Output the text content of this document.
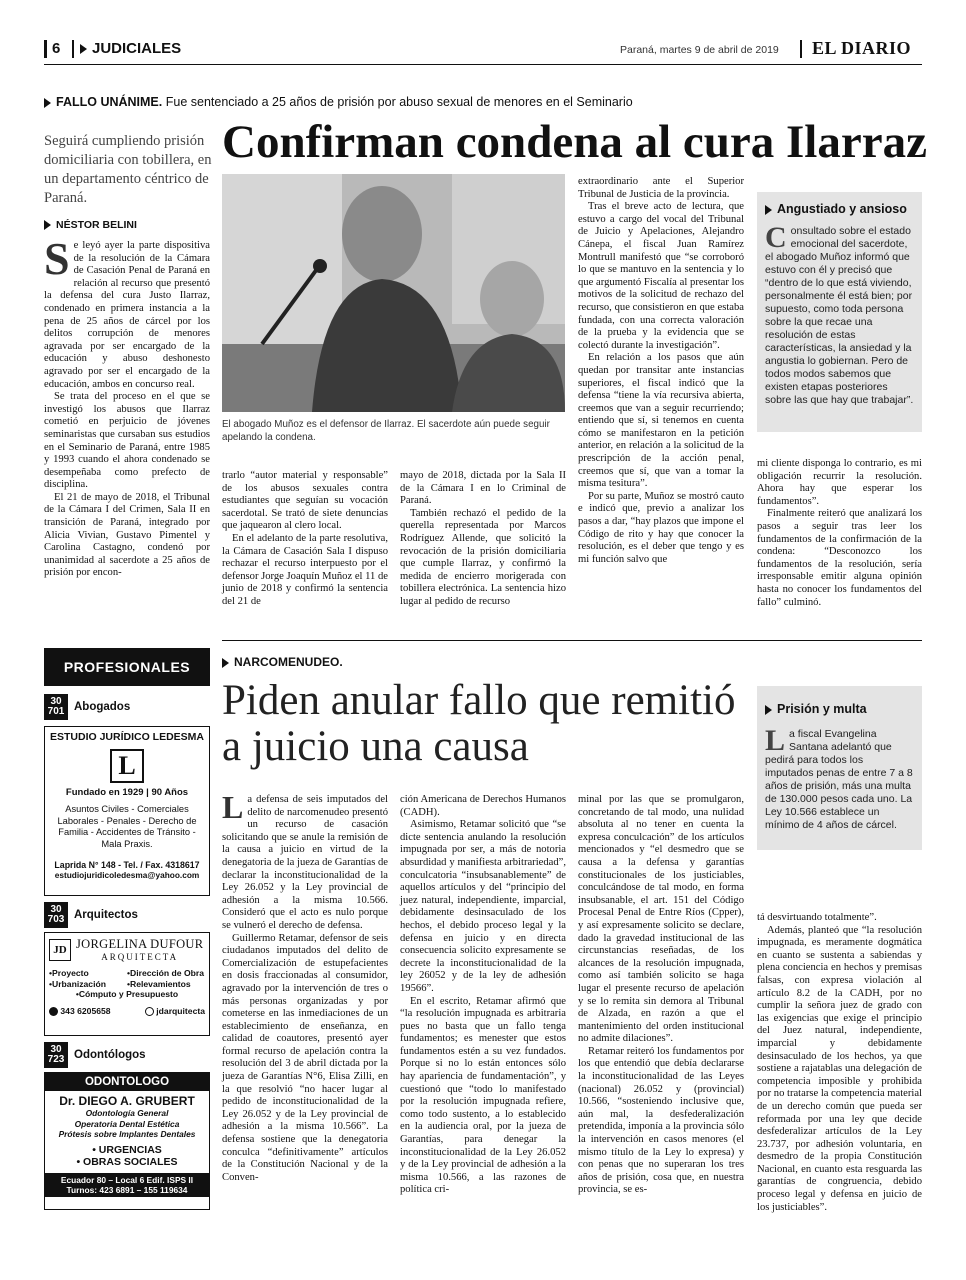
6	JUDICIALES	Paraná, martes 9 de abril de 2019 EL DIARIO
FALLO UNÁNIME. Fue sentenciado a 25 años de prisión por abuso sexual de menores en el Seminario
Seguirá cumpliendo prisión domiciliaria con tobillera, en un departamento céntrico de Paraná.
Confirman condena al cura Ilarraz
NÉSTOR BELINI
El abogado Muñoz es el defensor de Ilarraz. El sacerdote aún puede seguir apelando la condena.

Se leyó ayer la parte dispositiva de la resolución de la Cámara de Casación Penal de Paraná en relación al recurso que presentó la defensa del cura Justo Ilarraz, condenado en primera instancia a la pena de 25 años de cárcel por los delitos corrupción de menores agravada por ser encargado de la educación y abuso deshonesto agravado por ser el encargado de la educación, ambos en concurso real.

Se trata del proceso en el que se investigó los abusos que Ilarraz cometió en perjuicio de jóvenes seminaristas que cursaban sus estudios en el Seminario de Paraná, entre 1985 y 1993 cuando el ahora condenado se desempeñaba como prefecto de disciplina.

El 21 de mayo de 2018, el Tribunal de la Cámara I del Crimen, Sala II en transición de Paraná, integrado por Alicia Vivian, Gustavo Pimentel y Carolina Castagno, condenó por unanimidad al sacerdote a 25 años de prisión por encon-

trarlo “autor material y responsable” de los abusos sexuales contra estudiantes que seguían su vocación sacerdotal. Se trató de siete denuncias que jaquearon al clero local.

En el adelanto de la parte resolutiva, la Cámara de Casación Sala I dispuso rechazar el recurso interpuesto por el defensor Jorge Joaquín Muñoz el 11 de junio de 2018 y confirmó la sentencia del 21 de

mayo de 2018, dictada por la Sala II de la Cámara I en lo Criminal de Paraná.

También rechazó el pedido de la querella representada por Marcos Rodríguez Allende, que solicitó la revocación de la prisión domiciliaria que cumple Ilarraz, y confirmó la medida de encierro morigerada con tobillera electrónica. La sentencia hizo lugar al pedido de recurso

extraordinario ante el Superior Tribunal de Justicia de la provincia.

Tras el breve acto de lectura, que estuvo a cargo del vocal del Tribunal de Juicio y Apelaciones, Alejandro Cánepa, el fiscal Juan Ramírez Montrull manifestó que “se corroboró lo que se mantuvo en la sentencia y lo que argumentó Fiscalía al presentar los motivos de la solicitud de rechazo del recurso, que consistieron en que estaba fundada, con una correcta valoración de la prueba y la evidencia que se colectó durante la investigación”.

En relación a los pasos que aún quedan por transitar ante instancias superiores, el fiscal indicó que la defensa “tiene la vía recursiva abierta, creemos que van a seguir recurriendo; entiendo que sí, si tenemos en cuenta cómo se manifestaron en la petición anterior, en relación a la solicitud de la prescripción de la acción penal, creemos que sí, que van a tomar la misma tesitura”.

Por su parte, Muñoz se mostró cauto e indicó que, previo a analizar los pasos a dar, “hay plazos que impone el Código de rito y hay que conocer la resolución, es el deber que tengo y es mi función salvo que

Angustiado y ansioso
Consultado sobre el estado emocional del sacerdote, el abogado Muñoz informó que estuvo con él y precisó que “dentro de lo que está viviendo, personalmente él está bien; por supuesto, como toda persona sobre la que recae una resolución de estas características, la ansiedad y la angustia lo gobiernan. Pero de todos modos sabemos que existen etapas posteriores sobre las que hay que trabajar”.

mi cliente disponga lo contrario, es mi obligación recurrir la resolución. Ahora hay que esperar los fundamentos”.

Finalmente reiteró que analizará los pasos a seguir tras leer los fundamentos de la confirmación de la condena: “Desconozco los fundamentos de la resolución, sería irresponsable emitir alguna opinión hasta no conocer los fundamentos del fallo” culminó.

PROFESIONALES
30
701 Abogados
ESTUDIO JURÍDICO LEDESMA
L
Fundado en 1929 | 90 Años
Asuntos Civiles - Comerciales Laborales - Penales - Derecho de Familia - Accidentes de Tránsito - Mala Praxis.
Laprida N° 148 - Tel. / Fax. 4318617
estudiojuridicoledesma@yahoo.com
30
703 Arquitectos
JD JORGELINA DUFOUR
ARQUITECTA
•Proyecto	•Dirección de Obra
•Urbanización	•Relevamientos
•Cómputo y Presupuesto
343 6205658	jdarquitecta
30
723 Odontólogos
ODONTOLOGO
Dr. DIEGO A. GRUBERT
Odontología General
Operatoria Dental Estética
Prótesis sobre Implantes Dentales
• URGENCIAS
• OBRAS SOCIALES
Ecuador 80 – Local 6 Edif. ISPS II
Turnos: 423 6891 – 155 119634
NARCOMENUDEO.
Piden anular fallo que remitió a juicio una causa
Prisión y multa
La fiscal Evangelina Santana adelantó que pedirá para todos los imputados penas de entre 7 a 8 años de prisión, más una multa de 130.000 pesos cada uno. La Ley 10.566 establece un mínimo de 4 años de cárcel.

La defensa de seis imputados del delito de narcomenudeo presentó un recurso de casación solicitando que se anule la remisión de la causa a juicio en virtud de la denegatoria de la jueza de Garantías de declarar la inconstitucionalidad de la Ley 26.052 y la Ley provincial de adhesión a la misma 10.566. Consideró que el acto es nulo porque se vulneró el derecho de defensa.

Guillermo Retamar, defensor de seis ciudadanos imputados del delito de Comercialización de estupefacientes en dosis fraccionadas al consumidor, agravado por la intervención de tres o más personas organizadas y por cometerse en las inmediaciones de un establecimiento de enseñanza, en calidad de coautores, presentó ayer formal recurso de apelación contra la resolución del 3 de abril dictada por la jueza de Garantías N°6, Elisa Zilli, en la que resolvió “no hacer lugar al pedido de inconstitucionalidad de la Ley 26.052 y de la Ley provincial de adhesión a la misma 10.566”. La defensa sostiene que la denegatoria conculca “definitivamente” artículos de la Constitución Nacional y de la Conven-

ción Americana de Derechos Humanos (CADH).

Asimismo, Retamar solicitó que “se dicte sentencia anulando la resolución impugnada por ser, a más de notoria absurdidad y manifiesta arbitrariedad”, conculcatoria “insubsanablemente” de aquellos artículos y del “principio del juez natural, independiente, imparcial, debidamente desinsaculado de los hechos, el debido proceso legal y la defensa en juicio y en directa consecuencia solicito expresamente se decrete la inconstitucionalidad de la ley 26052 y de la ley de adhesión 19566”.

En el escrito, Retamar afirmó que “la resolución impugnada es arbitraria pues no basta que un fallo tenga fundamentos; es menester que estos fundamentos estén a su vez fundados. Porque si no lo están entonces sólo hay apariencia de fundamentación”, y cuestionó que “todo lo manifestado por la resolución impugnada refiere, como todo sustento, a lo establecido en la audiencia oral, por la jueza de Garantías, para denegar la inconstitucionalidad de la Ley 26.052 y de la Ley provincial de adhesión a la misma 10.566, a las razones de política cri-

minal por las que se promulgaron, concretando de tal modo, una nulidad absoluta al no tener en cuenta la expresa conculcación” de los artículos mencionados y “el desmedro que se causa a la defensa y garantías constitucionales de los justiciables, conculcándose de tal modo, en forma insubsanable, el art. 151 del Código Procesal Penal de Entre Ríos (Cpper), y así expresamente solicito se declare, dado la gravedad institucional de las circunstancias reseñadas, de los alcances de la resolución impugnada, como así también solicito se haga lugar el presente recurso de apelación y se lo remita sin demora al Tribunal de Alzada, en razón a que el mantenimiento del orden institucional no admite dilaciones”.

Retamar reiteró los fundamentos por los que entendió que debía declararse la inconstitucionalidad de las Leyes (nacional) 26.052 y (provincial) 10.566, “sosteniendo inclusive que, aún mal, la desfederalización pretendida, imponía a la provincia sólo la intervención en casos menores (el mismo título de la Ley lo expresa) y con penas que no superaran los tres años de prisión, cosa que, en nuestra provincia, se es-

tá desvirtuando totalmente”.

Además, planteó que “la resolución impugnada, es meramente dogmática en cuanto se sustenta a sabiendas y plena conciencia en hechos y premisas falsas, con expresa violación al artículo 8.2 de la CADH, por no cumplir la señora juez de grado con las exigencias que exige el principio del Juez natural, independiente, imparcial y debidamente desinsaculado de los hechos, ya que sostiene a rajatablas una delegación de competencia imposible y prohibida por no tratarse la competencia material de un derecho común que pueda ser reformada por una ley que decide desfederalizar artículos de la Ley 23.737, por adhesión voluntaria, en desmedro de la propia Constitución Nacional, en cuanto esta resguarda las garantías de congruencia, debido proceso legal y defensa en juicio de los justiciables”.
